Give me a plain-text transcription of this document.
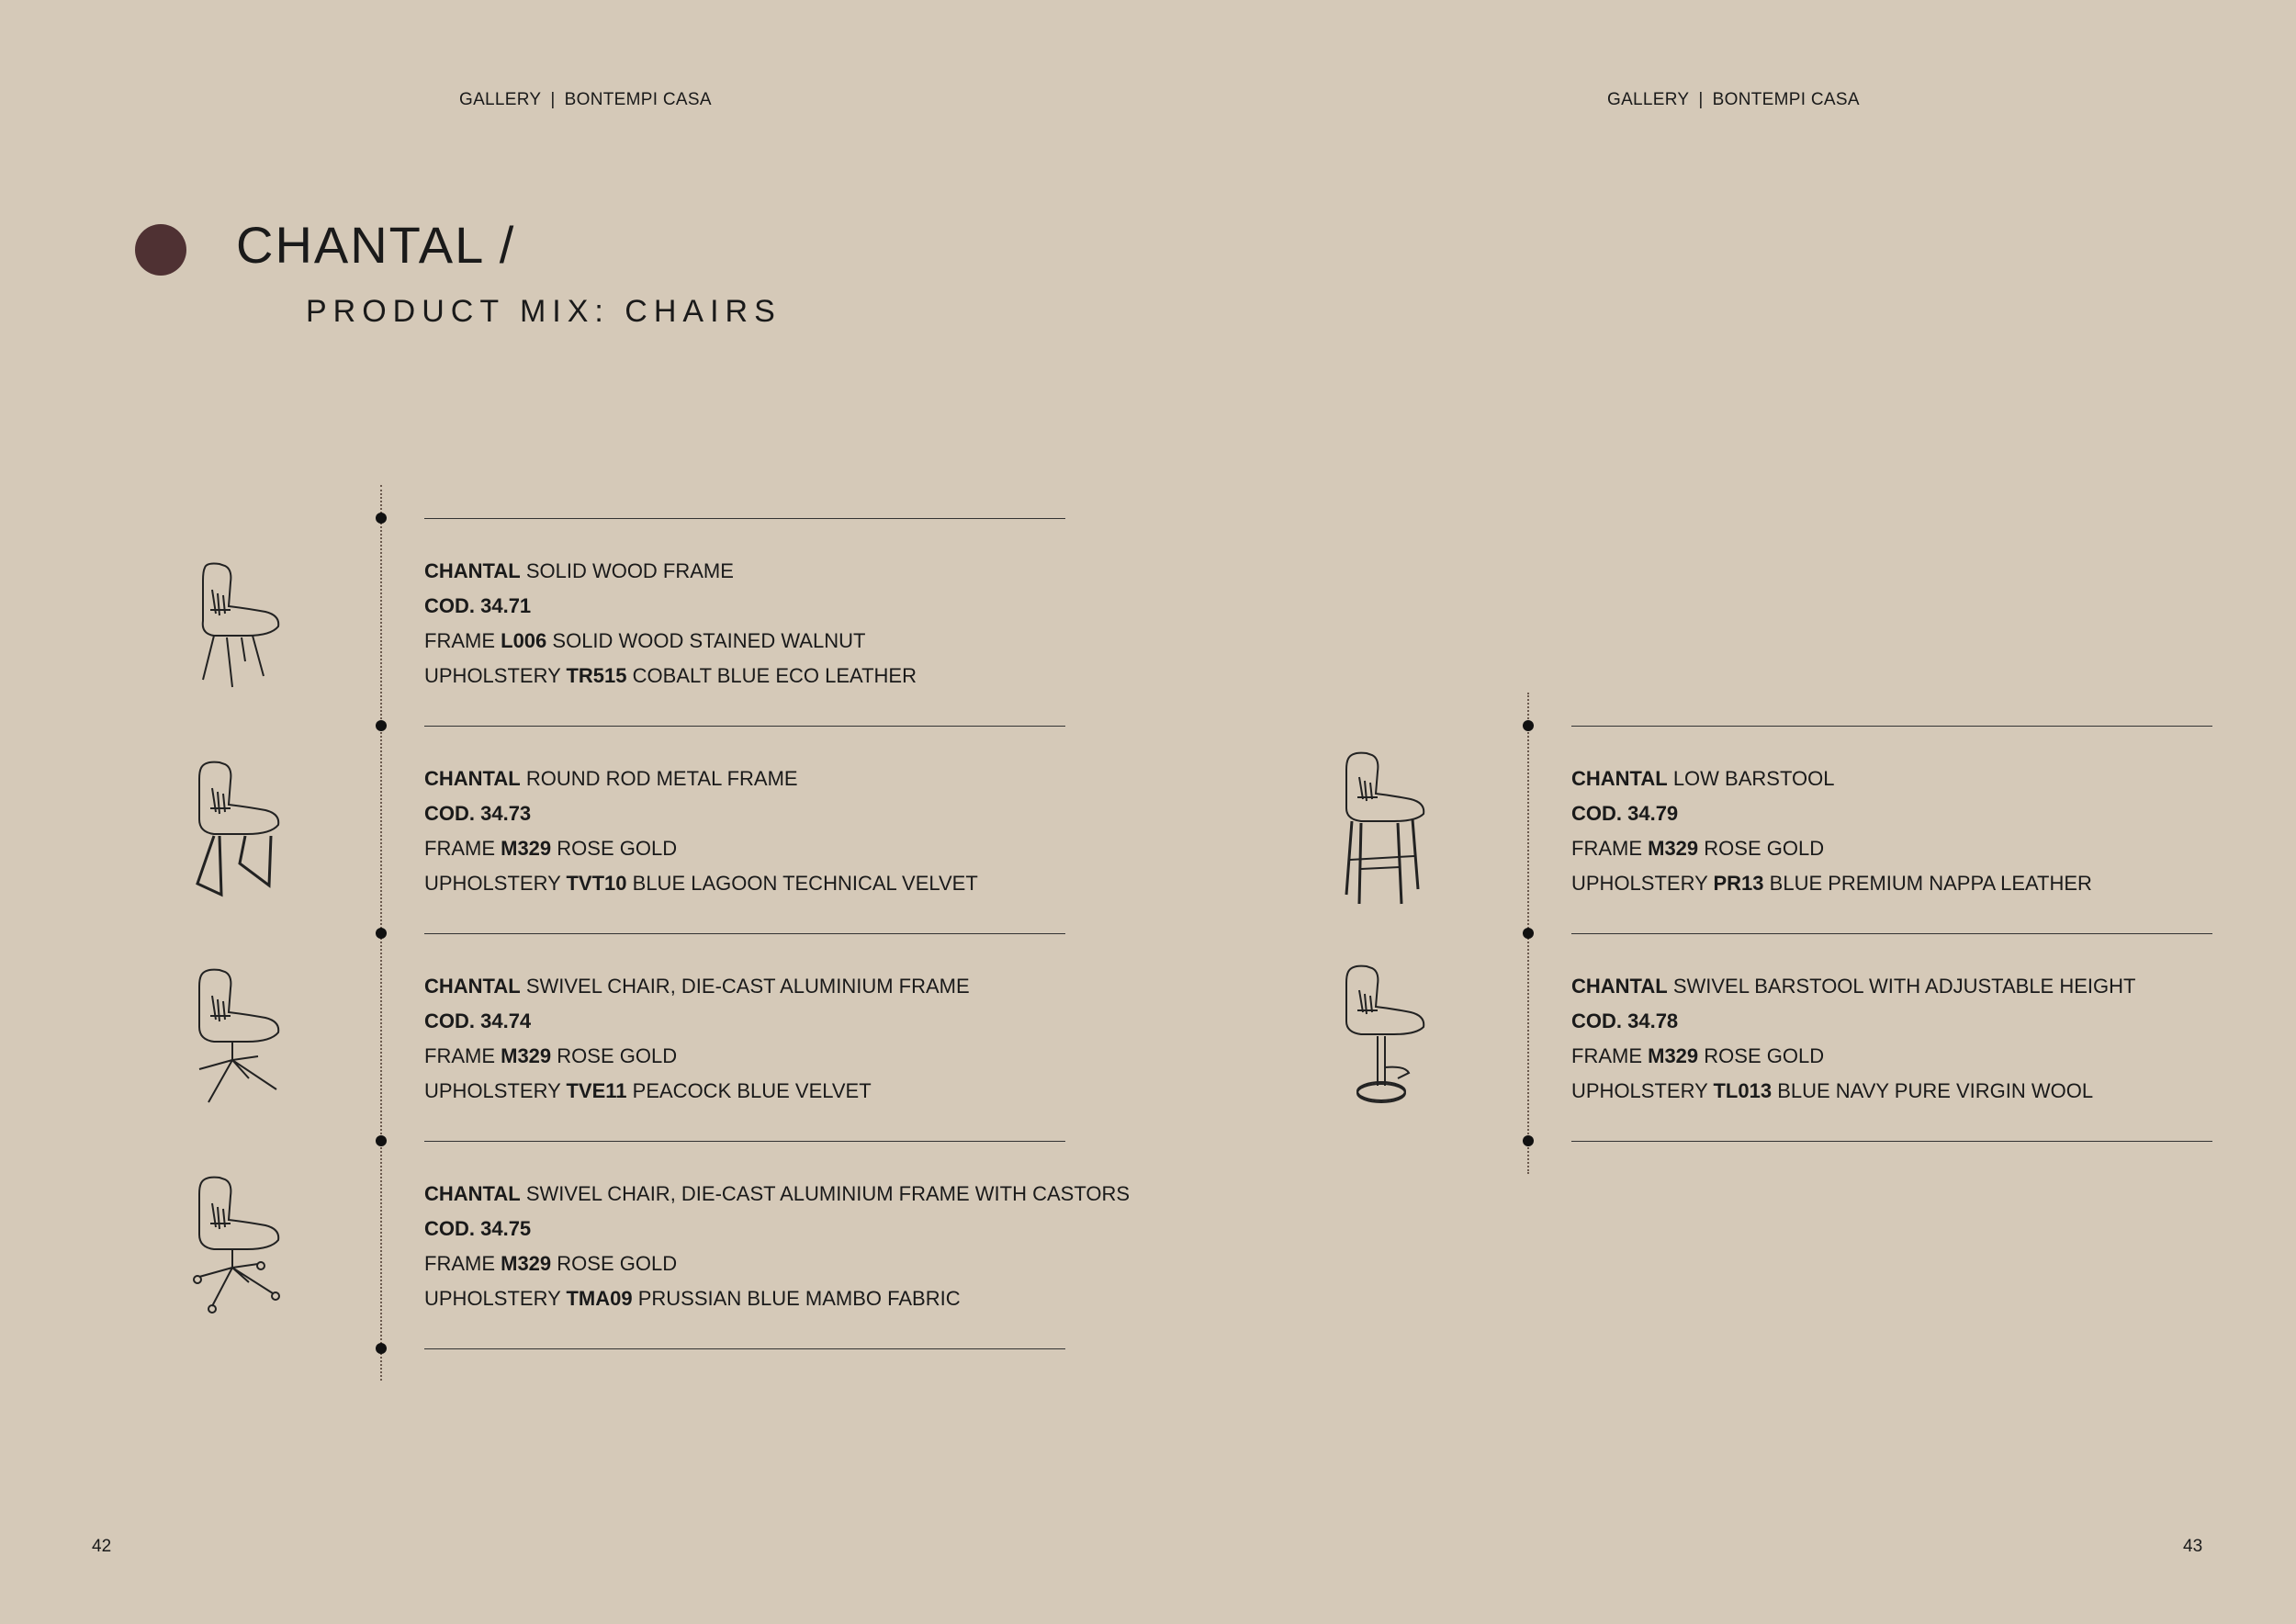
GALLERY | BONTEMPI CASA	GALLERY | BONTEMPI CASA
CHANTAL /
PRODUCT MIX: CHAIRS
CHANTAL SOLID WOOD FRAME
COD. 34.71
FRAME L006 SOLID WOOD STAINED WALNUT
UPHOLSTERY TR515 COBALT BLUE ECO LEATHER
CHANTAL ROUND ROD METAL FRAME
COD. 34.73
FRAME M329 ROSE GOLD
UPHOLSTERY TVT10 BLUE LAGOON TECHNICAL VELVET
CHANTAL SWIVEL CHAIR, DIE-CAST ALUMINIUM FRAME
COD. 34.74
FRAME M329 ROSE GOLD
UPHOLSTERY TVE11 PEACOCK BLUE VELVET
CHANTAL SWIVEL CHAIR, DIE-CAST ALUMINIUM FRAME WITH CASTORS
COD. 34.75
FRAME M329 ROSE GOLD
UPHOLSTERY TMA09 PRUSSIAN BLUE MAMBO FABRIC
CHANTAL LOW BARSTOOL
COD. 34.79
FRAME M329 ROSE GOLD
UPHOLSTERY PR13 BLUE PREMIUM NAPPA LEATHER
CHANTAL SWIVEL BARSTOOL WITH ADJUSTABLE HEIGHT
COD. 34.78
FRAME M329 ROSE GOLD
UPHOLSTERY TL013 BLUE NAVY PURE VIRGIN WOOL
42	43
